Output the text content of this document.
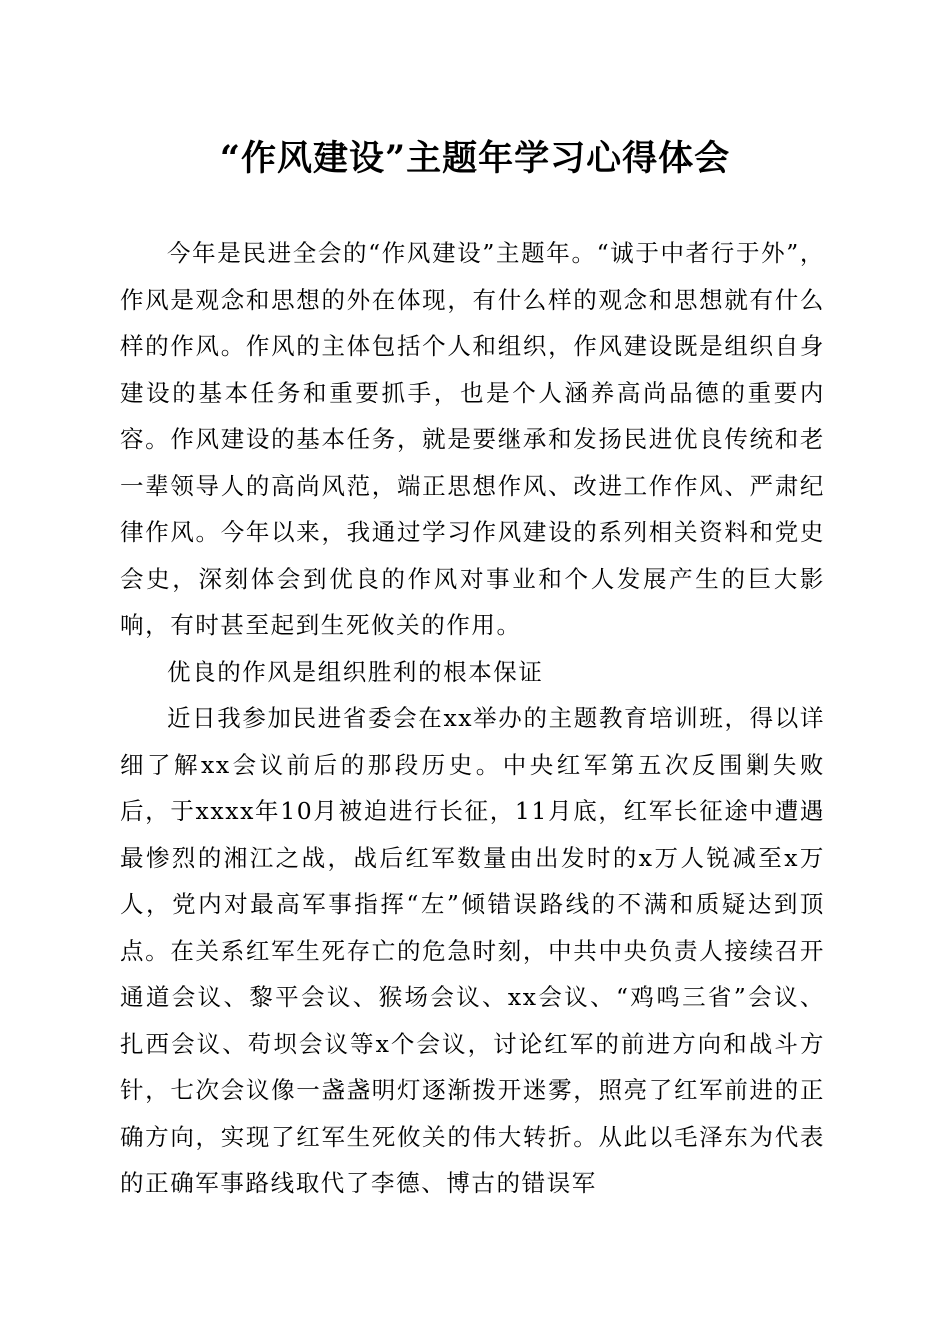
“作风建设”主题年学习心得体会

今年是民进全会的“作风建设”主题年。“诚于中者行于外”，作风是观念和思想的外在体现，有什么样的观念和思想就有什么样的作风。作风的主体包括个人和组织，作风建设既是组织自身建设的基本任务和重要抓手，也是个人涵养高尚品德的重要内容。作风建设的基本任务，就是要继承和发扬民进优良传统和老一辈领导人的高尚风范，端正思想作风、改进工作作风、严肃纪律作风。今年以来，我通过学习作风建设的系列相关资料和党史会史，深刻体会到优良的作风对事业和个人发展产生的巨大影响，有时甚至起到生死攸关的作用。

优良的作风是组织胜利的根本保证

近日我参加民进省委会在xx举办的主题教育培训班，得以详细了解xx会议前后的那段历史。中央红军第五次反围剿失败后，于xxxx年10月被迫进行长征，11月底，红军长征途中遭遇最惨烈的湘江之战，战后红军数量由出发时的x万人锐减至x万人，党内对最高军事指挥“左”倾错误路线的不满和质疑达到顶点。在关系红军生死存亡的危急时刻，中共中央负责人接续召开通道会议、黎平会议、猴场会议、xx会议、“鸡鸣三省”会议、扎西会议、苟坝会议等x个会议，讨论红军的前进方向和战斗方针，七次会议像一盏盏明灯逐渐拨开迷雾，照亮了红军前进的正确方向，实现了红军生死攸关的伟大转折。从此以毛泽东为代表的正确军事路线取代了李德、博古的错误军
